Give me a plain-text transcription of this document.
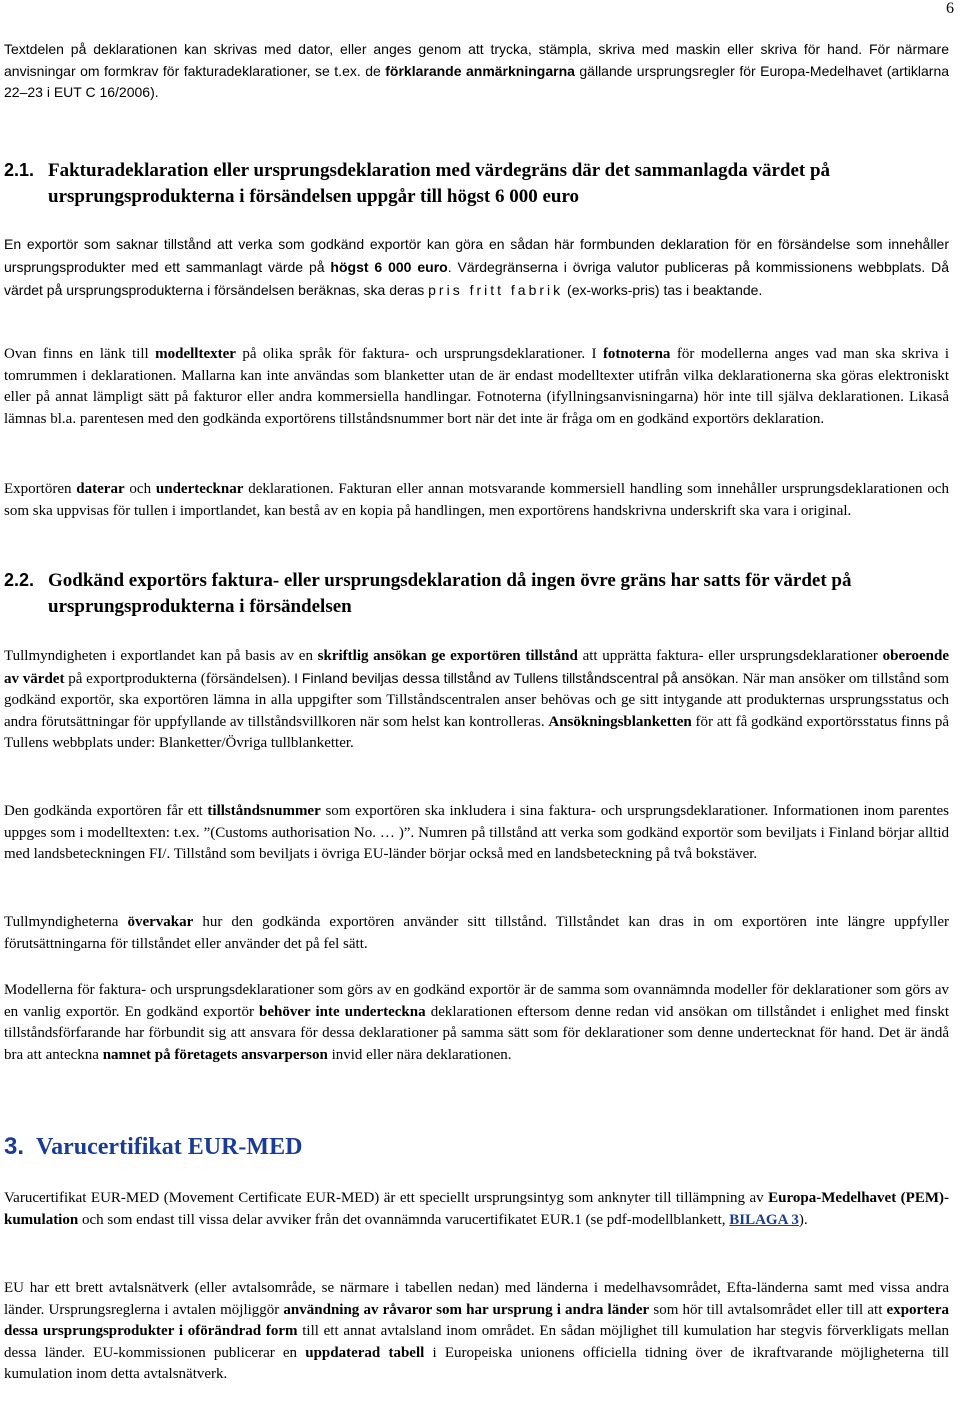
6

Textdelen på deklarationen kan skrivas med dator, eller anges genom att trycka, stämpla, skriva med maskin eller skriva för hand. För närmare anvisningar om formkrav för fakturadeklarationer, se t.ex. de förklarande anmärkningarna gällande ursprungsregler för Europa-Medelhavet (artiklarna 22–23 i EUT C 16/2006).

2.1. Fakturadeklaration eller ursprungsdeklaration med värdegräns där det sammanlagda värdet på ursprungsprodukterna i försändelsen uppgår till högst 6 000 euro

En exportör som saknar tillstånd att verka som godkänd exportör kan göra en sådan här formbunden deklaration för en försändelse som innehåller ursprungsprodukter med ett sammanlagt värde på högst 6 000 euro. Värdegränserna i övriga valutor publiceras på kommissionens webbplats. Då värdet på ursprungsprodukterna i försändelsen beräknas, ska deras pris fritt fabrik (ex-works-pris) tas i beaktande.

Ovan finns en länk till modelltexter på olika språk för faktura- och ursprungsdeklarationer. I fotnoterna för modellerna anges vad man ska skriva i tomrummen i deklarationen. Mallarna kan inte användas som blanketter utan de är endast modelltexter utifrån vilka deklarationerna ska göras elektroniskt eller på annat lämpligt sätt på fakturor eller andra kommersiella handlingar. Fotnoterna (ifyllningsanvisningarna) hör inte till själva deklarationen. Likaså lämnas bl.a. parentesen med den godkända exportörens tillståndsnummer bort när det inte är fråga om en godkänd exportörs deklaration.

Exportören daterar och undertecknar deklarationen. Fakturan eller annan motsvarande kommersiell handling som innehåller ursprungsdeklarationen och som ska uppvisas för tullen i importlandet, kan bestå av en kopia på handlingen, men exportörens handskrivna underskrift ska vara i original.

2.2. Godkänd exportörs faktura- eller ursprungsdeklaration då ingen övre gräns har satts för värdet på ursprungsprodukterna i försändelsen

Tullmyndigheten i exportlandet kan på basis av en skriftlig ansökan ge exportören tillstånd att upprätta faktura- eller ursprungsdeklarationer oberoende av värdet på exportprodukterna (försändelsen). I Finland beviljas dessa tillstånd av Tullens tillståndscentral på ansökan. När man ansöker om tillstånd som godkänd exportör, ska exportören lämna in alla uppgifter som Tillståndscentralen anser behövas och ge sitt intygande att produkternas ursprungsstatus och andra förutsättningar för uppfyllande av tillståndsvillkoren när som helst kan kontrolleras. Ansökningsblanketten för att få godkänd exportörsstatus finns på Tullens webbplats under: Blanketter/Övriga tullblanketter.

Den godkända exportören får ett tillståndsnummer som exportören ska inkludera i sina faktura- och ursprungsdeklarationer. Informationen inom parentes uppges som i modelltexten: t.ex. ”(Customs authorisation No. … )”. Numren på tillstånd att verka som godkänd exportör som beviljats i Finland börjar alltid med landsbeteckningen FI/. Tillstånd som beviljats i övriga EU-länder börjar också med en landsbeteckning på två bokstäver.

Tullmyndigheterna övervakar hur den godkända exportören använder sitt tillstånd. Tillståndet kan dras in om exportören inte längre uppfyller förutsättningarna för tillståndet eller använder det på fel sätt.

Modellerna för faktura- och ursprungsdeklarationer som görs av en godkänd exportör är de samma som ovannämnda modeller för deklarationer som görs av en vanlig exportör. En godkänd exportör behöver inte underteckna deklarationen eftersom denne redan vid ansökan om tillståndet i enlighet med finskt tillståndsförfarande har förbundit sig att ansvara för dessa deklarationer på samma sätt som för deklarationer som denne undertecknat för hand. Det är ändå bra att anteckna namnet på företagets ansvarperson invid eller nära deklarationen.

3. Varucertifikat EUR-MED

Varucertifikat EUR-MED (Movement Certificate EUR-MED) är ett speciellt ursprungsintyg som anknyter till tillämpning av Europa-Medelhavet (PEM)-kumulation och som endast till vissa delar avviker från det ovannämnda varucertifikatet EUR.1 (se pdf-modellblankett, BILAGA 3).

EU har ett brett avtalsnätverk (eller avtalsområde, se närmare i tabellen nedan) med länderna i medelhavsområdet, Efta-länderna samt med vissa andra länder. Ursprungsreglerna i avtalen möjliggör användning av råvaror som har ursprung i andra länder som hör till avtalsområdet eller till att exportera dessa ursprungsprodukter i oförändrad form till ett annat avtalsland inom området. En sådan möjlighet till kumulation har stegvis förverkligats mellan dessa länder. EU-kommissionen publicerar en uppdaterad tabell i Europeiska unionens officiella tidning över de ikraftvarande möjligheterna till kumulation inom detta avtalsnätverk.
